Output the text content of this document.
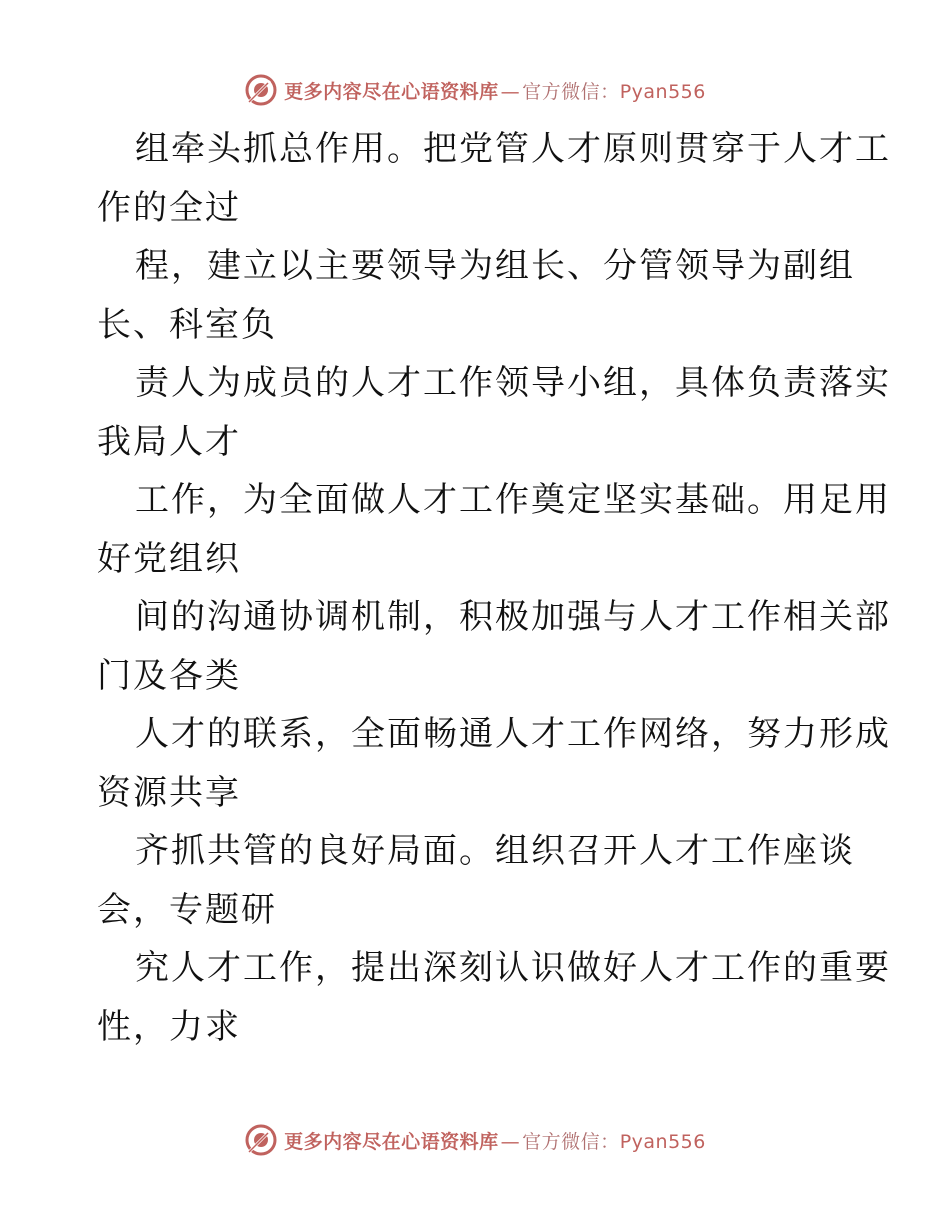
更多内容尽在心语资料库 — 官方微信：Pyan556

组牵头抓总作用。把党管人才原则贯穿于人才工
作的全过

程，建立以主要领导为组长、分管领导为副组
长、科室负

责人为成员的人才工作领导小组，具体负责落实
我局人才

工作，为全面做人才工作奠定坚实基础。用足用
好党组织

间的沟通协调机制，积极加强与人才工作相关部
门及各类

人才的联系，全面畅通人才工作网络，努力形成
资源共享

齐抓共管的良好局面。组织召开人才工作座谈
会，专题研

究人才工作，提出深刻认识做好人才工作的重要
性，力求

更多内容尽在心语资料库 — 官方微信：Pyan556
